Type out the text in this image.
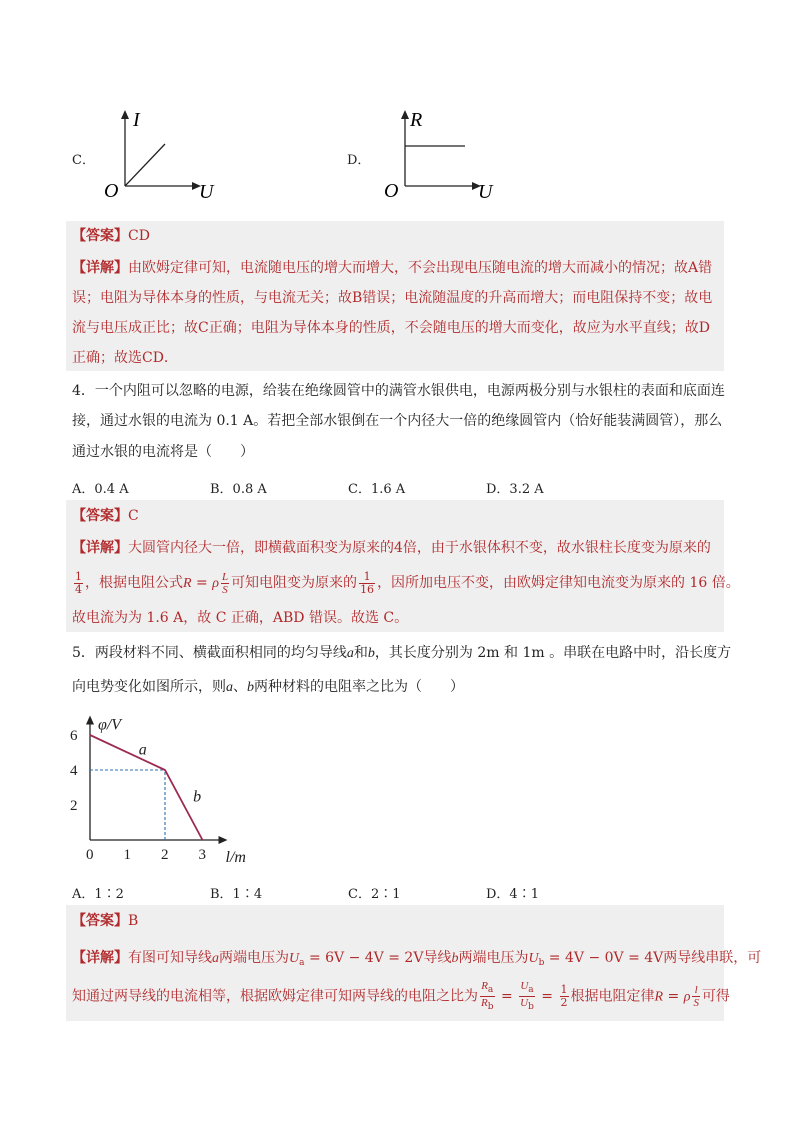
C．
I
O	U
D．
R
O	U
【答案】CD
【详解】由欧姆定律可知，电流随电压的增大而增大，不会出现电压随电流的增大而减小的情况；故A错
误；电阻为导体本身的性质，与电流无关；故B错误；电流随温度的升高而增大；而电阻保持不变；故电
流与电压成正比；故C正确；电阻为导体本身的性质，不会随电压的增大而变化，故应为水平直线；故D
正确；故选CD．
4．一个内阻可以忽略的电源，给装在绝缘圆管中的满管水银供电，电源两极分别与水银柱的表面和底面连
接，通过水银的电流为 0.1 A。若把全部水银倒在一个内径大一倍的绝缘圆管内（恰好能装满圆管），那么
通过水银的电流将是（　　）
A．0.4 A	B．0.8 A	C．1.6 A	D．3.2 A
【答案】C
【详解】大圆管内径大一倍，即横截面积变为原来的4倍，由于水银体积不变，故水银柱长度变为原来的
$\frac{1}{4}$ ，根据电阻公式R = ρ $\frac{L}{S}$ 可知电阻变为原来的 $\frac{1}{16}$ ，因所加电压不变，由欧姆定律知电流变为原来的 16 倍。
故电流为为 1.6 A，故 C 正确，ABD 错误。故选 C。
5．两段材料不同、横截面积相同的均匀导线a和b，其长度分别为 2m 和 1m 。串联在电路中时，沿长度方
向电势变化如图所示，则a、b两种材料的电阻率之比为（　　）
0 1 2 3
2
4
6
φ/V
l/m
a
b
A．1∶2	B．1∶4	C．2∶1	D．4∶1
【答案】B
【详解】有图可知导线a两端电压为$U_a = 6V - 4V = 2V$导线b两端电压为$U_b = 4V - 0V = 4V$两导线串联，可
知通过两导线的电流相等，根据欧姆定律可知两导线的电阻之比为 $\frac{R_a}{R_b} = \frac{U_a}{U_b} = \frac{1}{2}$ 根据电阻定律R = ρ $\frac{l}{S}$ 可得
